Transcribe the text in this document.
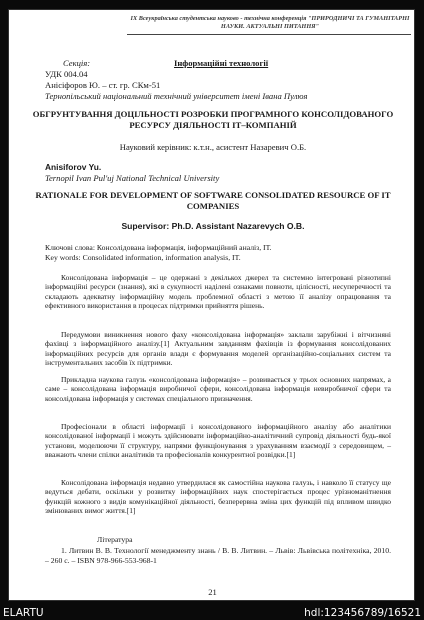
IX Всеукраїнська студентська науково - технічна конференція "ПРИРОДНИЧІ ТА ГУМАНІТАРНІ НАУКИ. АКТУАЛЬНІ ПИТАННЯ"
Секція:	Інформаційні технології
УДК 004.04
Анісіфоров Ю. – ст. гр. СКм-51
Тернопільський національний технічний університет імені Івана Пулюя
ОБГРУНТУВАННЯ ДОЦІЛЬНОСТІ РОЗРОБКИ ПРОГРАМНОГО КОНСОЛІДОВАНОГО РЕСУРСУ ДІЯЛЬНОСТІ ІТ–КОМПАНІЙ
Науковий керівник: к.т.н., асистент Назаревич О.Б.
Anisiforov Yu.
Ternopil Ivan Pul'uj National Technical University
RATIONALE FOR DEVELOPMENT OF SOFTWARE CONSOLIDATED RESOURCE OF IT COMPANIES
Supervisor: Ph.D. Assistant Nazarevych O.B.
Ключові слова: Консолідована інформація, інформаційний аналіз, ІТ.
Key words: Consolidated information, information analysis, IT.

Консолідована інформація – це одержані з декількох джерел та системно інтегровані різнотипні інформаційні ресурси (знання), які в сукупності наділені ознаками повноти, цілісності, несуперечності та складають адекватну інформаційну модель проблемної області з метою її аналізу опрацювання та ефективного використання в процесах підтримки прийняття рішень.

Передумови виникнення нового фаху «консолідована інформація» заклали зарубіжні і вітчизняні фахівці з інформаційного аналізу.[1] Актуальним завданням фахівців із формування консолідованих інформаційних ресурсів для органів влади є формування моделей організаційно-соціальних систем та інструментальних засобів їх підтримки.

Прикладна наукова галузь «консолідована інформація» – розвивається у трьох основних напрямах, а саме – консолідована інформація виробничої сфери, консолідована інформація невиробничої сфери та консолідована інформація у системах спеціального призначення.

Професіонали в області інформації і консолідованого інформаційного аналізу або аналітики консолідованої інформації і можуть здійснювати інформаційно-аналітичний супровід діяльності будь-якої установи, моделюючи її структуру, напрями функціонування з урахуванням взаємодії з середовищем, – вважають члени спілки аналітиків та професіоналів конкурентної розвідки.[1]

Консолідована інформація недавно утвердилася як самостійна наукова галузь, і навколо її статусу ще ведуться дебати, оскільки у розвитку інформаційних наук спостерігається процес урізноманітнення функцій кожного з видів комунікаційної діяльності, безперервна зміна цих функцій під впливом швидко змінюваних вимог життя.[1]

Література

1. Литвин В. В. Технології менеджменту знань / В. В. Литвин. – Львів: Львівська політехніка, 2010. – 260 с. – ISBN 978-966-553-968-1

21
ELARTU	hdl:123456789/16521
